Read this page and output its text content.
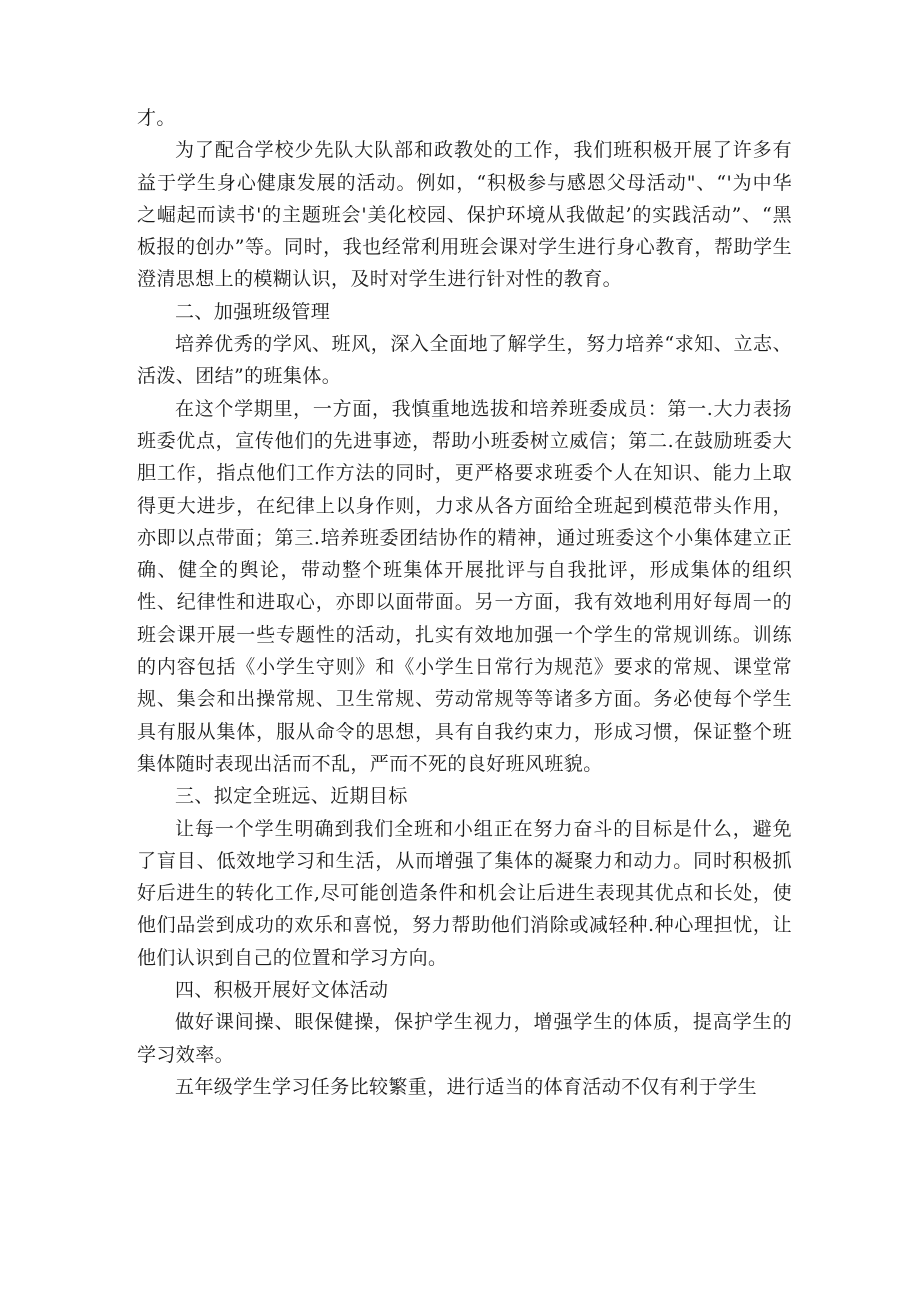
才。

为了配合学校少先队大队部和政教处的工作，我们班积极开展了许多有益于学生身心健康发展的活动。例如，“积极参与感恩父母活动"、“'为中华之崛起而读书'的主题班会'美化校园、保护环境从我做起’的实践活动”、“黑板报的创办”等。同时，我也经常利用班会课对学生进行身心教育，帮助学生澄清思想上的模糊认识，及时对学生进行针对性的教育。

二、加强班级管理

培养优秀的学风、班风，深入全面地了解学生，努力培养“求知、立志、活泼、团结”的班集体。

在这个学期里，一方面，我慎重地选拔和培养班委成员：第一.大力表扬班委优点，宣传他们的先进事迹，帮助小班委树立威信；第二.在鼓励班委大胆工作，指点他们工作方法的同时，更严格要求班委个人在知识、能力上取得更大进步，在纪律上以身作则，力求从各方面给全班起到模范带头作用，亦即以点带面；第三.培养班委团结协作的精神，通过班委这个小集体建立正确、健全的舆论，带动整个班集体开展批评与自我批评，形成集体的组织性、纪律性和进取心，亦即以面带面。另一方面，我有效地利用好每周一的班会课开展一些专题性的活动，扎实有效地加强一个学生的常规训练。训练的内容包括《小学生守则》和《小学生日常行为规范》要求的常规、课堂常规、集会和出操常规、卫生常规、劳动常规等等诸多方面。务必使每个学生具有服从集体，服从命令的思想，具有自我约束力，形成习惯，保证整个班集体随时表现出活而不乱，严而不死的良好班风班貌。

三、拟定全班远、近期目标

让每一个学生明确到我们全班和小组正在努力奋斗的目标是什么，避免了盲目、低效地学习和生活，从而增强了集体的凝聚力和动力。同时积极抓好后进生的转化工作,尽可能创造条件和机会让后进生表现其优点和长处，使他们品尝到成功的欢乐和喜悦，努力帮助他们消除或减轻种.种心理担忧，让他们认识到自己的位置和学习方向。

四、积极开展好文体活动

做好课间操、眼保健操，保护学生视力，增强学生的体质，提高学生的学习效率。

五年级学生学习任务比较繁重，进行适当的体育活动不仅有利于学生
